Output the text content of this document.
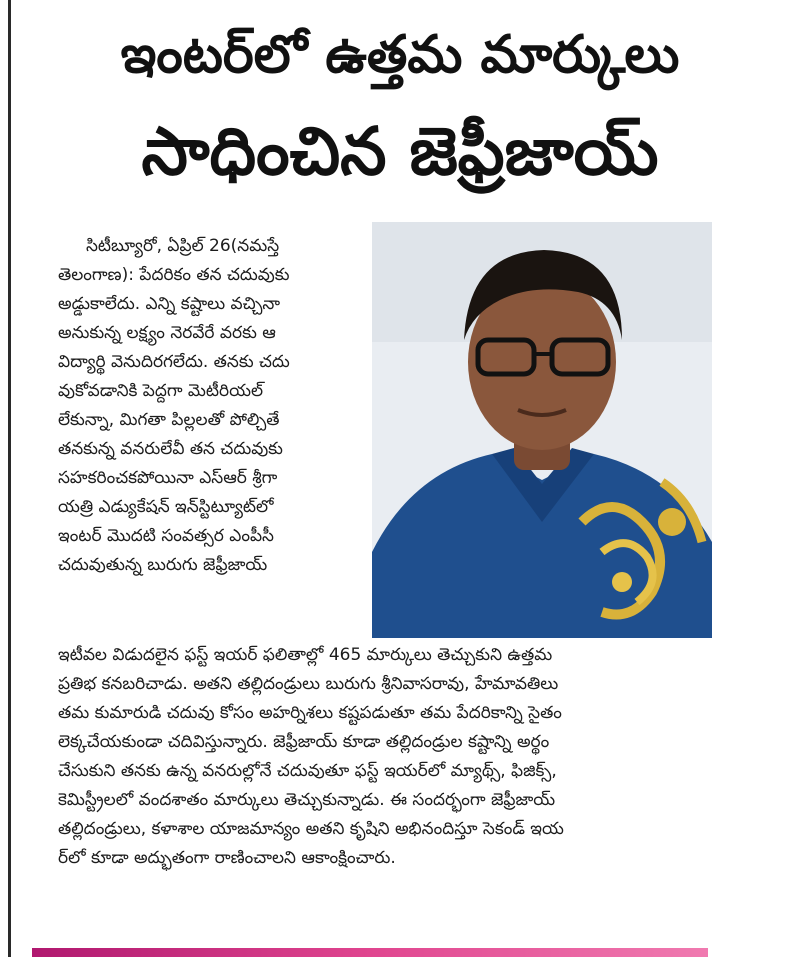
ఇంటర్‌లో ఉత్తమ మార్కులు
సాధించిన జెఫ్రీజాయ్
సిటీబ్యూరో, ఏప్రిల్ 26(నమస్తే
తెలంగాణ): పేదరికం తన చదువుకు
అడ్డుకాలేదు. ఎన్ని కష్టాలు వచ్చినా
అనుకున్న లక్ష్యం నెరవేరే వరకు ఆ
విద్యార్థి వెనుదిరగలేదు. తనకు చదు
వుకోవడానికి పెద్దగా మెటీరియల్
లేకున్నా, మిగతా పిల్లలతో పోల్చితే
తనకున్న వనరులేవీ తన చదువుకు
సహకరించకపోయినా ఎస్‌ఆర్ శ్రీగా
యత్రి ఎడ్యుకేషన్ ఇన్‌స్టిట్యూట్‌లో
ఇంటర్ మొదటి సంవత్సర ఎంపీసీ
చదువుతున్న బురుగు జెఫ్రీజాయ్
ఇటీవల విడుదలైన ఫస్ట్ ఇయర్ ఫలితాల్లో 465 మార్కులు తెచ్చుకుని ఉత్తమ
ప్రతిభ కనబరిచాడు. అతని తల్లిదండ్రులు బురుగు శ్రీనివాసరావు, హేమావతిలు
తమ కుమారుడి చదువు కోసం అహర్నిశలు కష్టపడుతూ తమ పేదరికాన్ని సైతం
లెక్కచేయకుండా చదివిస్తున్నారు. జెఫ్రీజాయ్ కూడా తల్లిదండ్రుల కష్టాన్ని అర్థం
చేసుకుని తనకు ఉన్న వనరుల్లోనే చదువుతూ ఫస్ట్ ఇయర్‌లో మ్యాథ్స్, ఫిజిక్స్,
కెమిస్ట్రీలలో వందశాతం మార్కులు తెచ్చుకున్నాడు. ఈ సందర్భంగా జెఫ్రీజాయ్
తల్లిదండ్రులు, కళాశాల యాజమాన్యం అతని కృషిని అభినందిస్తూ సెకండ్ ఇయ
ర్‌లో కూడా అద్భుతంగా రాణించాలని ఆకాంక్షించారు.
